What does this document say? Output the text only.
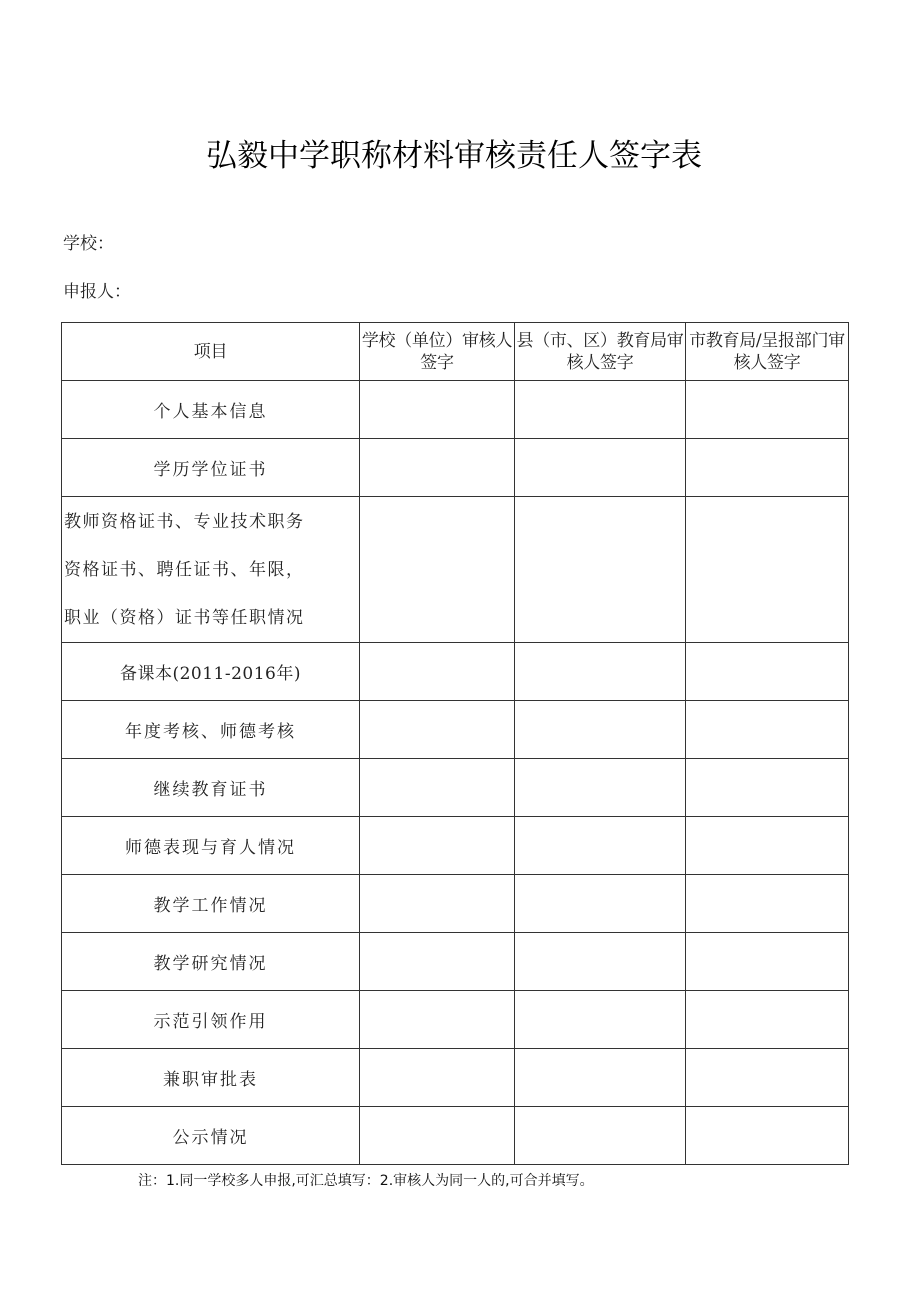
弘毅中学职称材料审核责任人签字表
学校：
申报人：
项目	学校（单位）审核人签字	县（市、区）教育局审核人签字	市教育局/呈报部门审核人签字
个人基本信息			
学历学位证书			

教师资格证书、专业技术职务
资格证书、聘任证书、年限，
职业（资格）证书等任职情况			

备课本(2011-2016年)			
年度考核、师德考核			
继续教育证书			
师德表现与育人情况			
教学工作情况			
教学研究情况			
示范引领作用			
兼职审批表			
公示情况			
注：1.同一学校多人申报,可汇总填写：2.审核人为同一人的,可合并填写。
